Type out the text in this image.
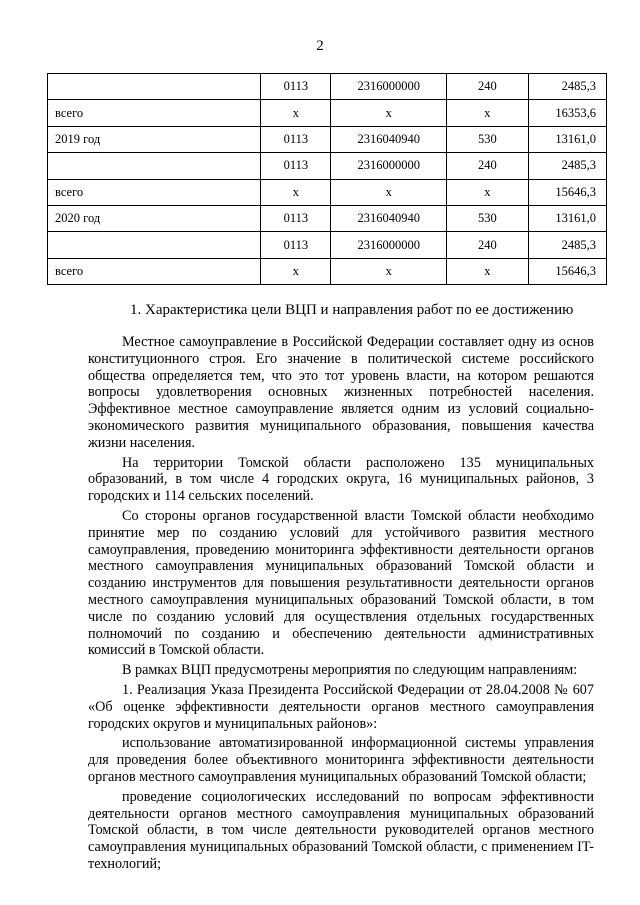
2
	0113	2316000000	240	2485,3
всего	x	x	x	16353,6
2019 год	0113	2316040940	530	13161,0
	0113	2316000000	240	2485,3
всего	x	x	x	15646,3
2020 год	0113	2316040940	530	13161,0
	0113	2316000000	240	2485,3
всего	x	x	x	15646,3
1. Характеристика цели ВЦП и направления работ по ее достижению

Местное самоуправление в Российской Федерации составляет одну из основ конституционного строя. Его значение в политической системе российского общества определяется тем, что это тот уровень власти, на котором решаются вопросы удовлетворения основных жизненных потребностей населения. Эффективное местное самоуправление является одним из условий социально-экономического развития муниципального образования, повышения качества жизни населения.

На территории Томской области расположено 135 муниципальных образований, в том числе 4 городских округа, 16 муниципальных районов, 3 городских и 114 сельских поселений.

Со стороны органов государственной власти Томской области необходимо принятие мер по созданию условий для устойчивого развития местного самоуправления, проведению мониторинга эффективности деятельности органов местного самоуправления муниципальных образований Томской области и созданию инструментов для повышения результативности деятельности органов местного самоуправления муниципальных образований Томской области, в том числе по созданию условий для осуществления отдельных государственных полномочий по созданию и обеспечению деятельности административных комиссий в Томской области.

В рамках ВЦП предусмотрены мероприятия по следующим направлениям:

1. Реализация Указа Президента Российской Федерации от 28.04.2008 № 607 «Об оценке эффективности деятельности органов местного самоуправления городских округов и муниципальных районов»:

использование автоматизированной информационной системы управления для проведения более объективного мониторинга эффективности деятельности органов местного самоуправления муниципальных образований Томской области;

проведение социологических исследований по вопросам эффективности деятельности органов местного самоуправления муниципальных образований Томской области, в том числе деятельности руководителей органов местного самоуправления муниципальных образований Томской области, с применением IT-технологий;
